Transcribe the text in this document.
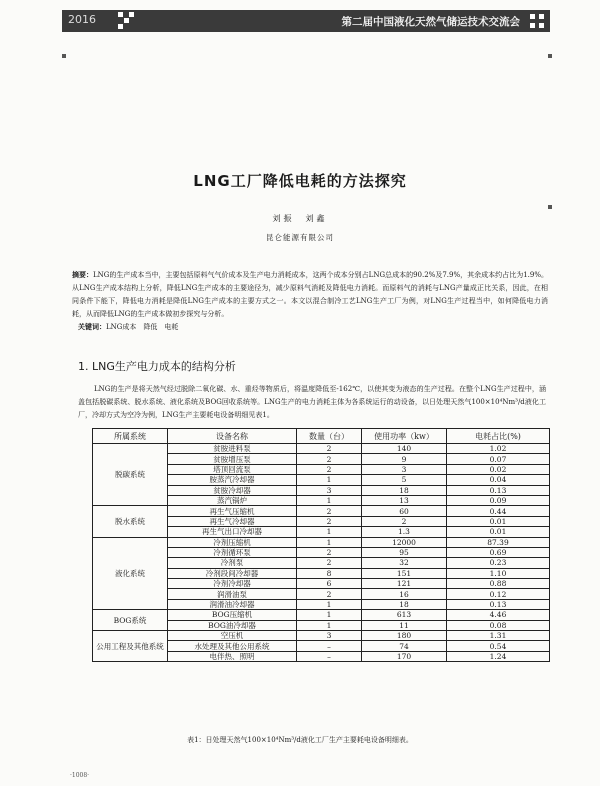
2016	第二届中国液化天然气储运技术交流会
LNG工厂降低电耗的方法探究
刘振　刘鑫
昆仑能源有限公司
摘要：LNG的生产成本当中，主要包括原料气气价成本及生产电力消耗成本，这两个成本分别占LNG总成本的90.2%及7.9%，其余成本约占比为1.9%。从LNG生产成本结构上分析，降低LNG生产成本的主要途径为，减少原料气消耗及降低电力消耗。而原料气的消耗与LNG产量成正比关系，因此，在相同条件下能下，降低电力消耗是降低LNG生产成本的主要方式之一。本文以混合制冷工艺LNG生产工厂为例，对LNG生产过程当中，如何降低电力消耗，从而降低LNG的生产成本做初步探究与分析。
关键词：LNG成本　降低　电耗
1. LNG生产电力成本的结构分析
LNG的生产是将天然气经过脱除二氧化碳、水、重烃等物质后，将温度降低至-162℃，以使其变为液态的生产过程。在整个LNG生产过程中，涵盖包括脱碳系统、脱水系统、液化系统及BOG回收系统等。LNG生产的电力消耗主体为各系统运行的动设备，以日处理天然气100×10⁴Nm³/d液化工厂，冷却方式为空冷为例，LNG生产主要耗电设备明细见表1。
所属系统	设备名称	数量（台）	使用功率（kw）	电耗占比(%)
脱碳系统	贫胺进料泵	2	140	1.02
	贫胺增压泵	2	9	0.07
	塔顶回流泵	2	3	0.02
	胺蒸汽冷却器	1	5	0.04
	贫胺冷却器	3	18	0.13
	蒸汽锅炉	1	13	0.09
脱水系统	再生气压缩机	2	60	0.44
	再生气冷却器	2	2	0.01
	再生气出口冷却器	1	1.3	0.01
液化系统	冷剂压缩机	1	12000	87.39
	冷剂循环泵	2	95	0.69
	冷剂泵	2	32	0.23
	冷剂段间冷却器	8	151	1.10
	冷剂冷却器	6	121	0.88
	润滑油泵	2	16	0.12
	润滑油冷却器	1	18	0.13
BOG系统	BOG压缩机	1	613	4.46
	BOG油冷却器	1	11	0.08
公用工程及其他系统	空压机	3	180	1.31
	水处理及其他公用系统	–	74	0.54
	电伴热、照明	–	170	1.24
表1：日处理天然气100×10⁴Nm³/d液化工厂生产主要耗电设备明细表。
·1008·
